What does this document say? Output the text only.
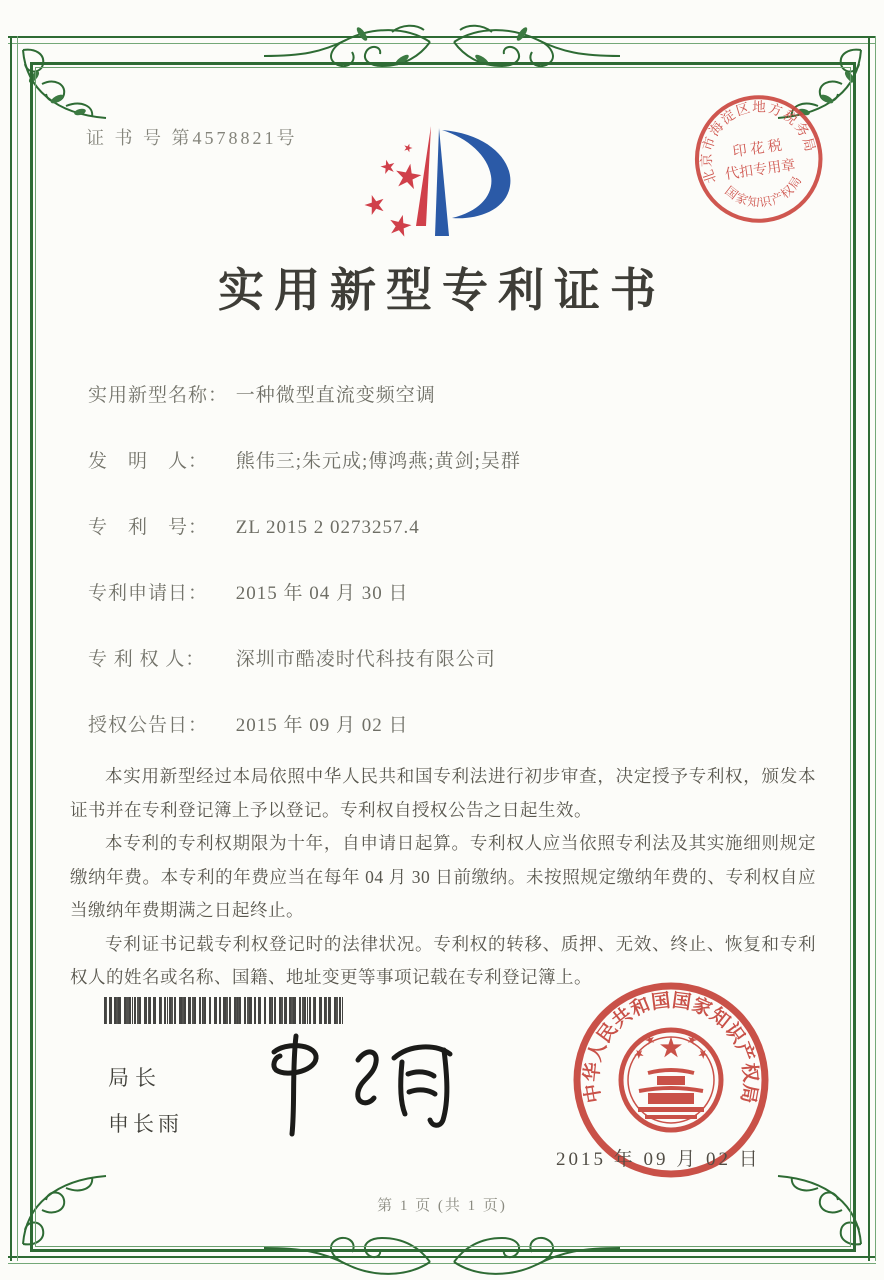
证 书 号 第4578821号
北京市海淀区地方税务局
国家知识产权局
印 花 税
代扣专用章
实用新型专利证书
实用新型名称： 一种微型直流变频空调
发　明　人： 熊伟三;朱元成;傅鸿燕;黄剑;吴群
专　利　号： ZL 2015 2 0273257.4
专利申请日： 2015 年 04 月 30 日
专 利 权 人： 深圳市酷凌时代科技有限公司
授权公告日： 2015 年 09 月 02 日

本实用新型经过本局依照中华人民共和国专利法进行初步审查，决定授予专利权，颁发本证书并在专利登记簿上予以登记。专利权自授权公告之日起生效。

本专利的专利权期限为十年，自申请日起算。专利权人应当依照专利法及其实施细则规定缴纳年费。本专利的年费应当在每年 04 月 30 日前缴纳。未按照规定缴纳年费的、专利权自应当缴纳年费期满之日起终止。

专利证书记载专利权登记时的法律状况。专利权的转移、质押、无效、终止、恢复和专利权人的姓名或名称、国籍、地址变更等事项记载在专利登记簿上。

局长
申长雨
中华人民共和国国家知识产权局
2015 年 09 月 02 日
第 1 页 (共 1 页)
